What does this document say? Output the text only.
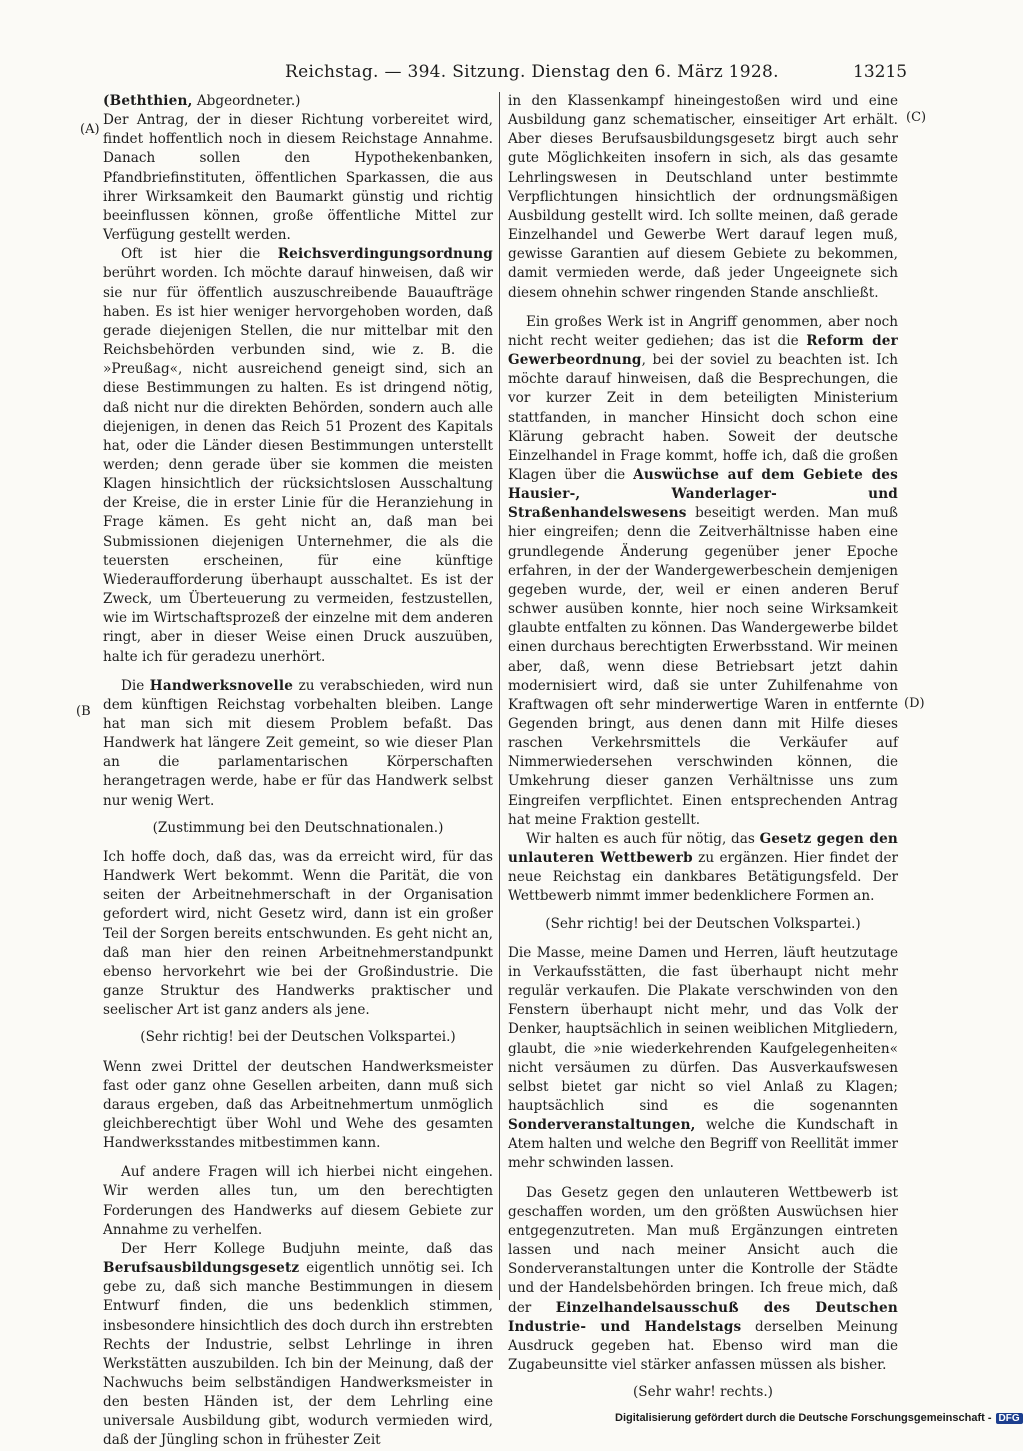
Reichstag. — 394. Sitzung. Dienstag den 6. März 1928.	13215
(A)
(B
(C)
(D)

(Beththien, Abgeordneter.)

Der Antrag, der in dieser Richtung vorbereitet wird, findet hoffentlich noch in diesem Reichstage Annahme. Danach sollen den Hypothekenbanken, Pfandbriefinstituten, öffentlichen Sparkassen, die aus ihrer Wirksamkeit den Baumarkt günstig und richtig beeinflussen können, große öffentliche Mittel zur Verfügung gestellt werden.

Oft ist hier die Reichsverdingungsordnung berührt worden. Ich möchte darauf hinweisen, daß wir sie nur für öffentlich auszuschreibende Bauaufträge haben. Es ist hier weniger hervorgehoben worden, daß gerade diejenigen Stellen, die nur mittelbar mit den Reichsbehörden verbunden sind, wie z. B. die »Preußag«, nicht ausreichend geneigt sind, sich an diese Bestimmungen zu halten. Es ist dringend nötig, daß nicht nur die direkten Behörden, sondern auch alle diejenigen, in denen das Reich 51 Prozent des Kapitals hat, oder die Länder diesen Bestimmungen unterstellt werden; denn gerade über sie kommen die meisten Klagen hinsichtlich der rücksichtslosen Ausschaltung der Kreise, die in erster Linie für die Heranziehung in Frage kämen. Es geht nicht an, daß man bei Submissionen diejenigen Unternehmer, die als die teuersten erscheinen, für eine künftige Wiederaufforderung überhaupt ausschaltet. Es ist der Zweck, um Überteuerung zu vermeiden, festzustellen, wie im Wirtschaftsprozeß der einzelne mit dem anderen ringt, aber in dieser Weise einen Druck auszuüben, halte ich für geradezu unerhört.

Die Handwerksnovelle zu verabschieden, wird nun dem künftigen Reichstag vorbehalten bleiben. Lange hat man sich mit diesem Problem befaßt. Das Handwerk hat längere Zeit gemeint, so wie dieser Plan an die parlamentarischen Körperschaften herangetragen werde, habe er für das Handwerk selbst nur wenig Wert.

(Zustimmung bei den Deutschnationalen.)

Ich hoffe doch, daß das, was da erreicht wird, für das Handwerk Wert bekommt. Wenn die Parität, die von seiten der Arbeitnehmerschaft in der Organisation gefordert wird, nicht Gesetz wird, dann ist ein großer Teil der Sorgen bereits entschwunden. Es geht nicht an, daß man hier den reinen Arbeitnehmerstandpunkt ebenso hervorkehrt wie bei der Großindustrie. Die ganze Struktur des Handwerks praktischer und seelischer Art ist ganz anders als jene.

(Sehr richtig! bei der Deutschen Volkspartei.)

Wenn zwei Drittel der deutschen Handwerksmeister fast oder ganz ohne Gesellen arbeiten, dann muß sich daraus ergeben, daß das Arbeitnehmertum unmöglich gleichberechtigt über Wohl und Wehe des gesamten Handwerksstandes mitbestimmen kann.

Auf andere Fragen will ich hierbei nicht eingehen. Wir werden alles tun, um den berechtigten Forderungen des Handwerks auf diesem Gebiete zur Annahme zu verhelfen.

Der Herr Kollege Budjuhn meinte, daß das Berufsausbildungsgesetz eigentlich unnötig sei. Ich gebe zu, daß sich manche Bestimmungen in diesem Entwurf finden, die uns bedenklich stimmen, insbesondere hinsichtlich des doch durch ihn erstrebten Rechts der Industrie, selbst Lehrlinge in ihren Werkstätten auszubilden. Ich bin der Meinung, daß der Nachwuchs beim selbständigen Handwerksmeister in den besten Händen ist, der dem Lehrling eine universale Ausbildung gibt, wodurch vermieden wird, daß der Jüngling schon in frühester Zeit

in den Klassenkampf hineingestoßen wird und eine Ausbildung ganz schematischer, einseitiger Art erhält. Aber dieses Berufsausbildungsgesetz birgt auch sehr gute Möglichkeiten insofern in sich, als das gesamte Lehrlingswesen in Deutschland unter bestimmte Verpflichtungen hinsichtlich der ordnungsmäßigen Ausbildung gestellt wird. Ich sollte meinen, daß gerade Einzelhandel und Gewerbe Wert darauf legen muß, gewisse Garantien auf diesem Gebiete zu bekommen, damit vermieden werde, daß jeder Ungeeignete sich diesem ohnehin schwer ringenden Stande anschließt.

Ein großes Werk ist in Angriff genommen, aber noch nicht recht weiter gediehen; das ist die Reform der Gewerbeordnung, bei der soviel zu beachten ist. Ich möchte darauf hinweisen, daß die Besprechungen, die vor kurzer Zeit in dem beteiligten Ministerium stattfanden, in mancher Hinsicht doch schon eine Klärung gebracht haben. Soweit der deutsche Einzelhandel in Frage kommt, hoffe ich, daß die großen Klagen über die Auswüchse auf dem Gebiete des Hausier-, Wanderlager- und Straßenhandelswesens beseitigt werden. Man muß hier eingreifen; denn die Zeitverhältnisse haben eine grundlegende Änderung gegenüber jener Epoche erfahren, in der der Wandergewerbeschein demjenigen gegeben wurde, der, weil er einen anderen Beruf schwer ausüben konnte, hier noch seine Wirksamkeit glaubte entfalten zu können. Das Wandergewerbe bildet einen durchaus berechtigten Erwerbsstand. Wir meinen aber, daß, wenn diese Betriebsart jetzt dahin modernisiert wird, daß sie unter Zuhilfenahme von Kraftwagen oft sehr minderwertige Waren in entfernte Gegenden bringt, aus denen dann mit Hilfe dieses raschen Verkehrsmittels die Verkäufer auf Nimmerwiedersehen verschwinden können, die Umkehrung dieser ganzen Verhältnisse uns zum Eingreifen verpflichtet. Einen entsprechenden Antrag hat meine Fraktion gestellt.

Wir halten es auch für nötig, das Gesetz gegen den unlauteren Wettbewerb zu ergänzen. Hier findet der neue Reichstag ein dankbares Betätigungsfeld. Der Wettbewerb nimmt immer bedenklichere Formen an.

(Sehr richtig! bei der Deutschen Volkspartei.)

Die Masse, meine Damen und Herren, läuft heutzutage in Verkaufsstätten, die fast überhaupt nicht mehr regulär verkaufen. Die Plakate verschwinden von den Fenstern überhaupt nicht mehr, und das Volk der Denker, hauptsächlich in seinen weiblichen Mitgliedern, glaubt, die »nie wiederkehrenden Kaufgelegenheiten« nicht versäumen zu dürfen. Das Ausverkaufswesen selbst bietet gar nicht so viel Anlaß zu Klagen; hauptsächlich sind es die sogenannten Sonderveranstaltungen, welche die Kundschaft in Atem halten und welche den Begriff von Reellität immer mehr schwinden lassen.

Das Gesetz gegen den unlauteren Wettbewerb ist geschaffen worden, um den größten Auswüchsen hier entgegenzutreten. Man muß Ergänzungen eintreten lassen und nach meiner Ansicht auch die Sonderveranstaltungen unter die Kontrolle der Städte und der Handelsbehörden bringen. Ich freue mich, daß der Einzelhandelsausschuß des Deutschen Industrie- und Handelstags derselben Meinung Ausdruck gegeben hat. Ebenso wird man die Zugabeunsitte viel stärker anfassen müssen als bisher.

(Sehr wahr! rechts.)

Digitalisierung gefördert durch die Deutsche Forschungsgemeinschaft - DFG
